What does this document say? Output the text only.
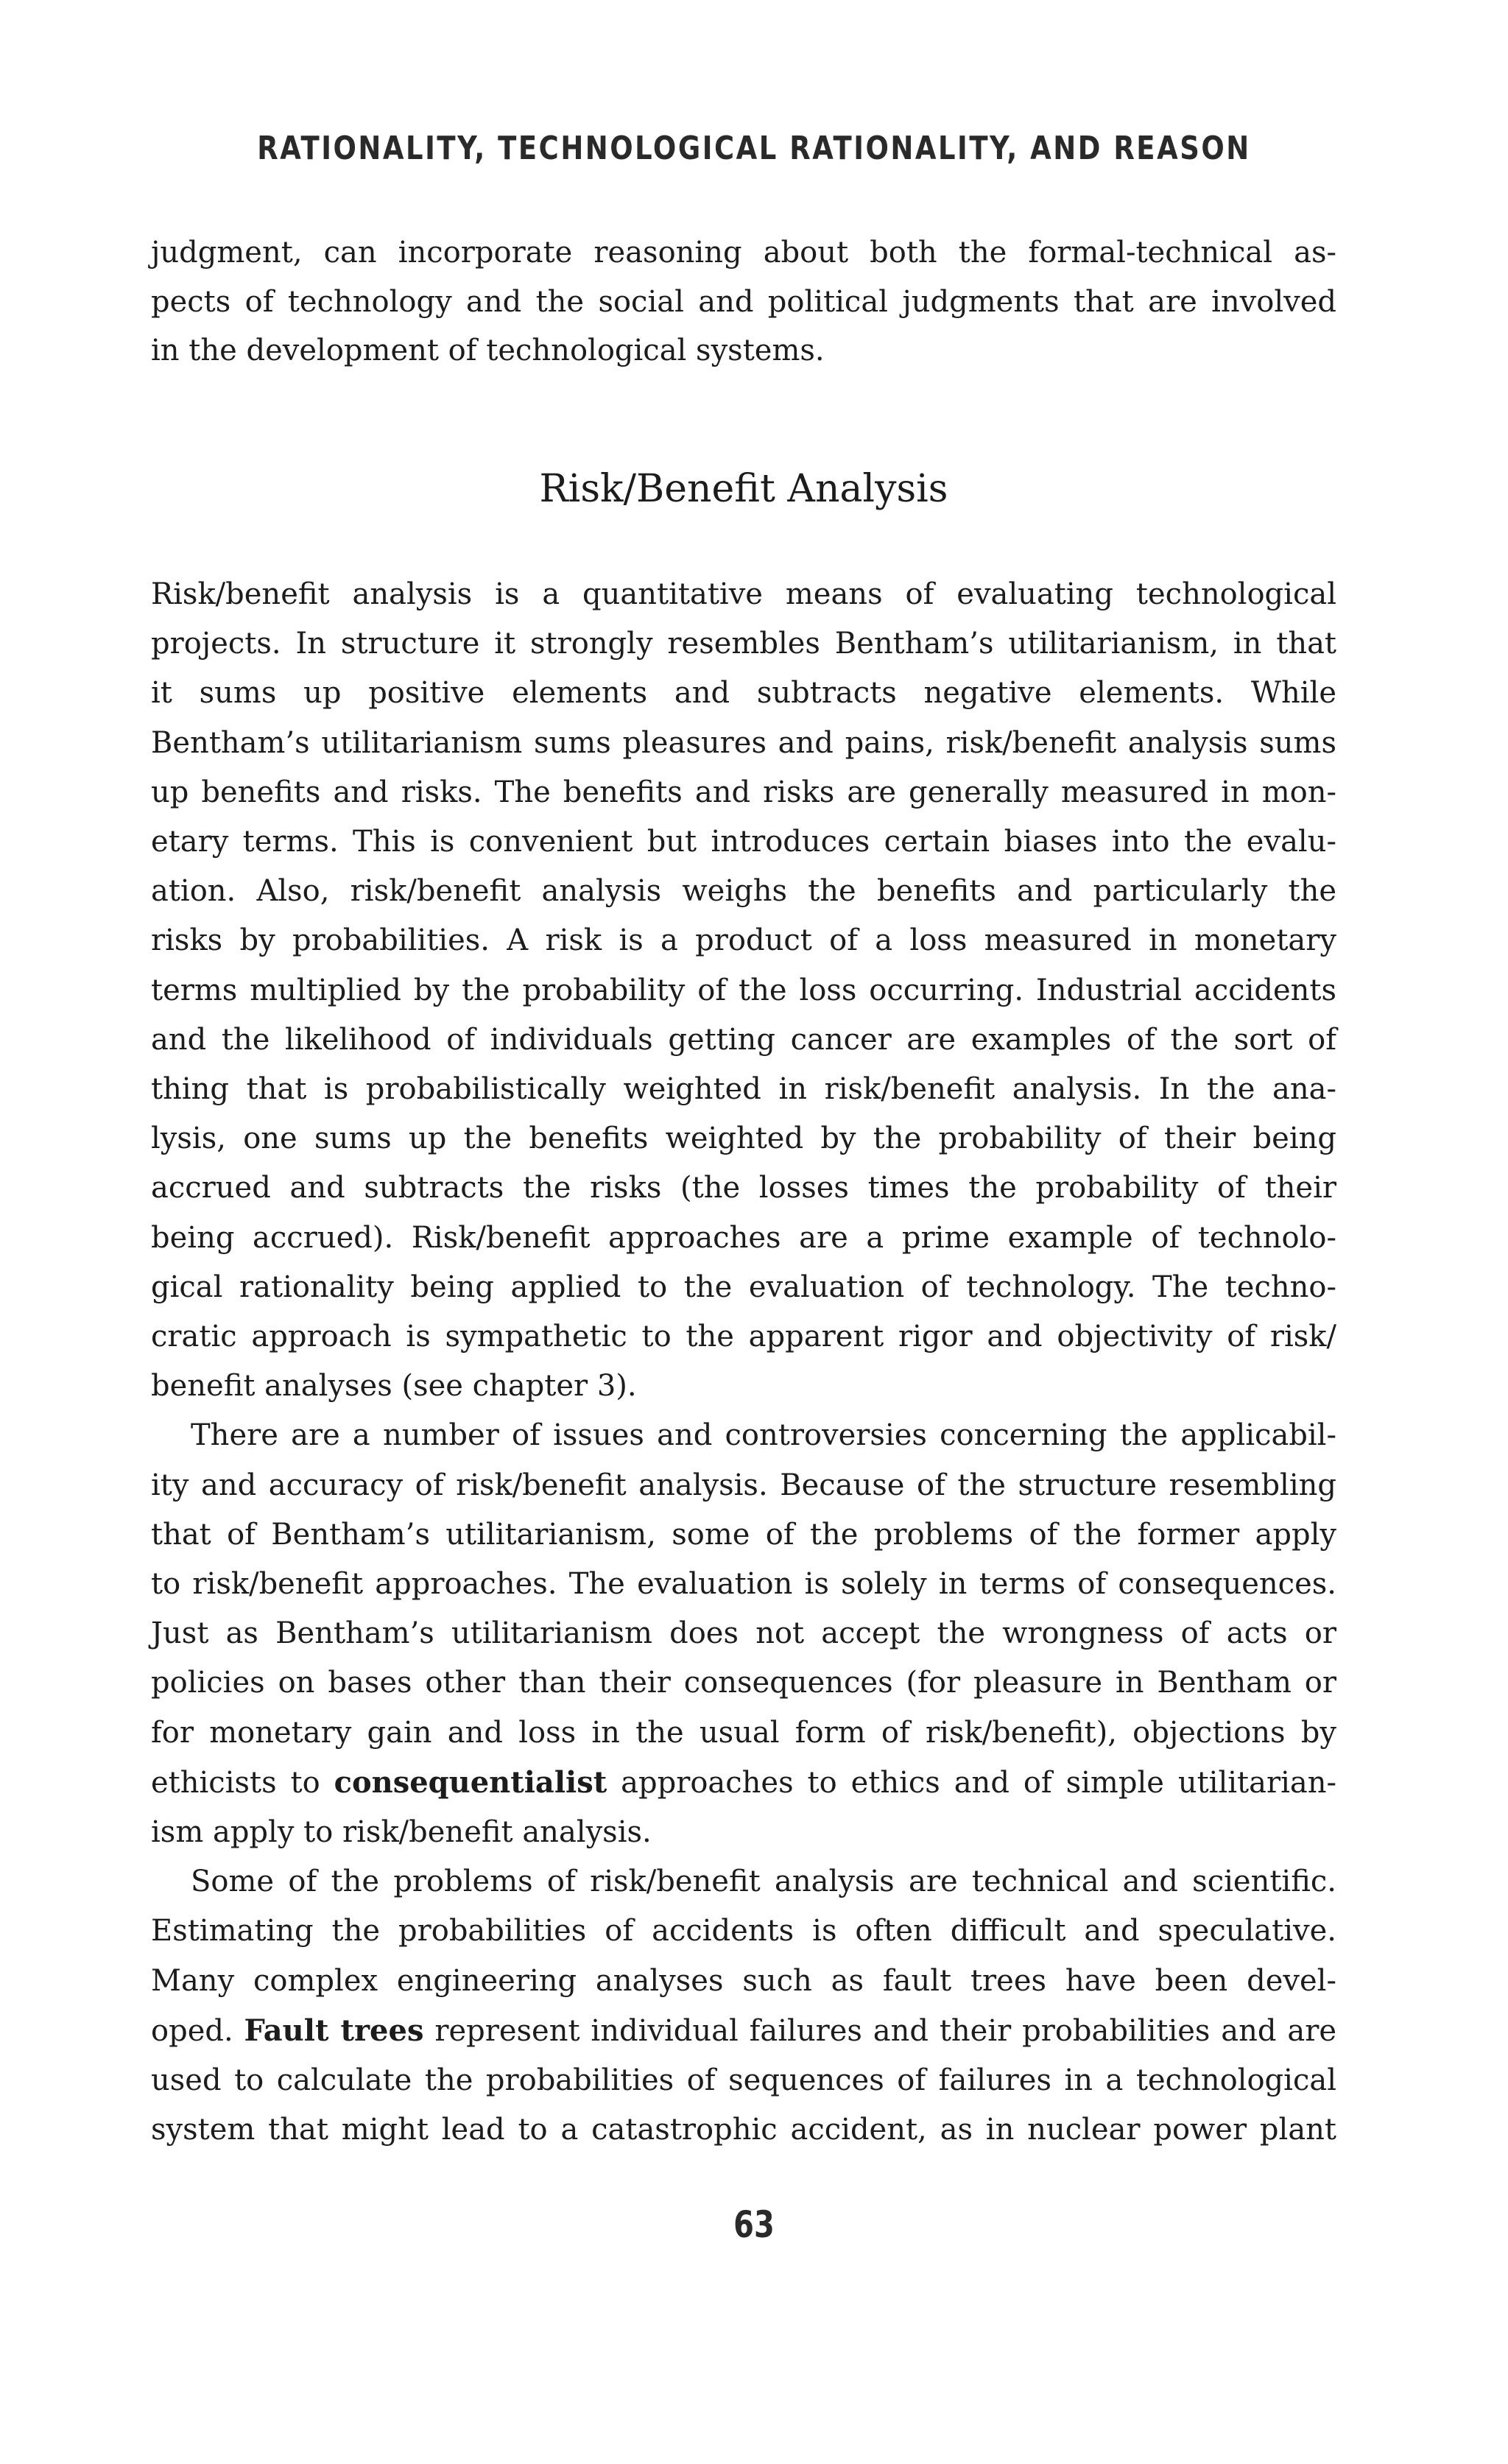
RATIONALITY, TECHNOLOGICAL RATIONALITY, AND REASON
judgment, can incorporate reasoning about both the formal-technical as-
pects of technology and the social and political judgments that are involved
in the development of technological systems.
Risk/Benefit Analysis
Risk/benefit analysis is a quantitative means of evaluating technological
projects. In structure it strongly resembles Bentham’s utilitarianism, in that
it sums up positive elements and subtracts negative elements. While
Bentham’s utilitarianism sums pleasures and pains, risk/benefit analysis sums
up benefits and risks. The benefits and risks are generally measured in mon-
etary terms. This is convenient but introduces certain biases into the evalu-
ation. Also, risk/benefit analysis weighs the benefits and particularly the
risks by probabilities. A risk is a product of a loss measured in monetary
terms multiplied by the probability of the loss occurring. Industrial accidents
and the likelihood of individuals getting cancer are examples of the sort of
thing that is probabilistically weighted in risk/benefit analysis. In the ana-
lysis, one sums up the benefits weighted by the probability of their being
accrued and subtracts the risks (the losses times the probability of their
being accrued). Risk/benefit approaches are a prime example of technolo-
gical rationality being applied to the evaluation of technology. The techno-
cratic approach is sympathetic to the apparent rigor and objectivity of risk/
benefit analyses (see chapter 3).
There are a number of issues and controversies concerning the applicabil-
ity and accuracy of risk/benefit analysis. Because of the structure resembling
that of Bentham’s utilitarianism, some of the problems of the former apply
to risk/benefit approaches. The evaluation is solely in terms of consequences.
Just as Bentham’s utilitarianism does not accept the wrongness of acts or
policies on bases other than their consequences (for pleasure in Bentham or
for monetary gain and loss in the usual form of risk/benefit), objections by
ethicists to consequentialist approaches to ethics and of simple utilitarian-
ism apply to risk/benefit analysis.
Some of the problems of risk/benefit analysis are technical and scientific.
Estimating the probabilities of accidents is often difficult and speculative.
Many complex engineering analyses such as fault trees have been devel-
oped. Fault trees represent individual failures and their probabilities and are
used to calculate the probabilities of sequences of failures in a technological
system that might lead to a catastrophic accident, as in nuclear power plant
63
